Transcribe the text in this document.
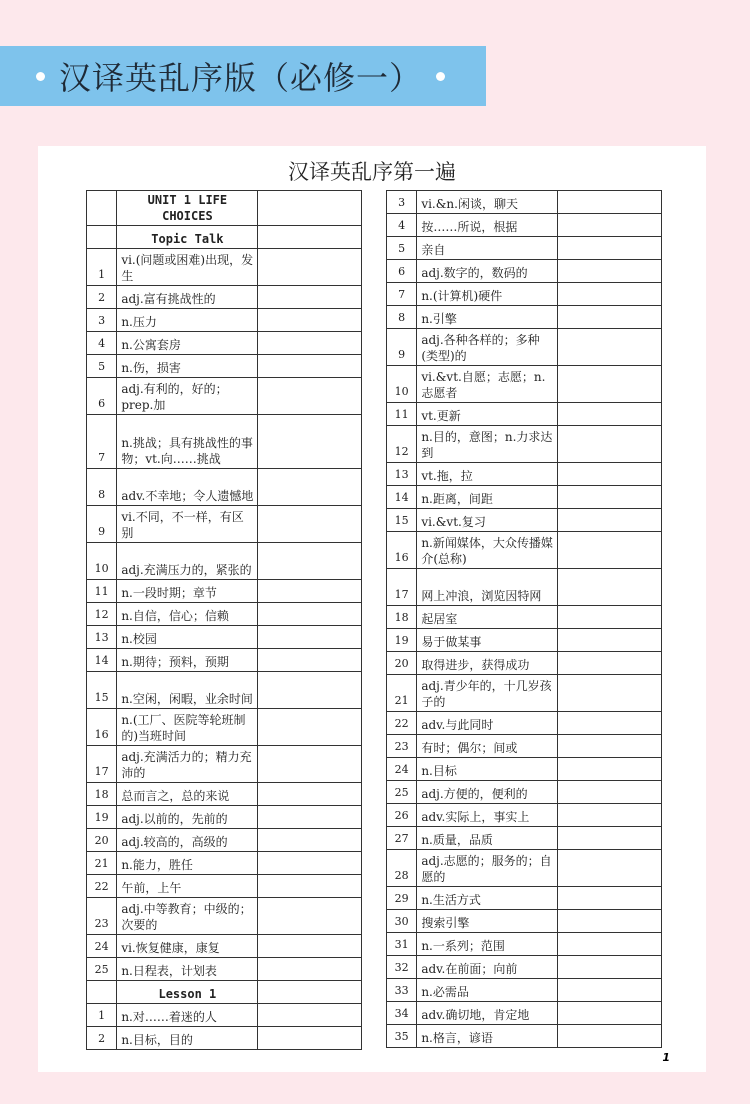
汉译英乱序版（必修一）
汉译英乱序第一遍
	UNIT 1 LIFE CHOICES	
	Topic Talk	
1	vi.(问题或困难)出现，发生	
2	adj.富有挑战性的	
3	n.压力	
4	n.公寓套房	
5	n.伤，损害	
6	adj.有利的，好的；prep.加	
7	n.挑战；具有挑战性的事物；vt.向……挑战	
8	adv.不幸地；令人遗憾地	
9	vi.不同，不一样，有区别	
10	adj.充满压力的，紧张的	
11	n.一段时期；章节	
12	n.自信，信心；信赖	
13	n.校园	
14	n.期待；预料，预期	
15	n.空闲，闲暇，业余时间	
16	n.(工厂、医院等轮班制的)当班时间	
17	adj.充满活力的；精力充沛的	
18	总而言之，总的来说	
19	adj.以前的，先前的	
20	adj.较高的，高级的	
21	n.能力，胜任	
22	午前，上午	
23	adj.中等教育；中级的；次要的	
24	vi.恢复健康，康复	
25	n.日程表，计划表	
	Lesson 1	
1	n.对……着迷的人	
2	n.目标，目的	
3	vi.&n.闲谈，聊天	
4	按……所说，根据	
5	亲自	
6	adj.数字的，数码的	
7	n.(计算机)硬件	
8	n.引擎	
9	adj.各种各样的；多种(类型)的	
10	vi.&vt.自愿；志愿；n.志愿者	
11	vt.更新	
12	n.目的，意图；n.力求达到	
13	vt.拖，拉	
14	n.距离，间距	
15	vi.&vt.复习	
16	n.新闻媒体，大众传播媒介(总称)	
17	网上冲浪，浏览因特网	
18	起居室	
19	易于做某事	
20	取得进步，获得成功	
21	adj.青少年的，十几岁孩子的	
22	adv.与此同时	
23	有时；偶尔；间或	
24	n.目标	
25	adj.方便的，便利的	
26	adv.实际上，事实上	
27	n.质量，品质	
28	adj.志愿的；服务的；自愿的	
29	n.生活方式	
30	搜索引擎	
31	n.一系列；范围	
32	adv.在前面；向前	
33	n.必需品	
34	adv.确切地，肯定地	
35	n.格言，谚语	
1
